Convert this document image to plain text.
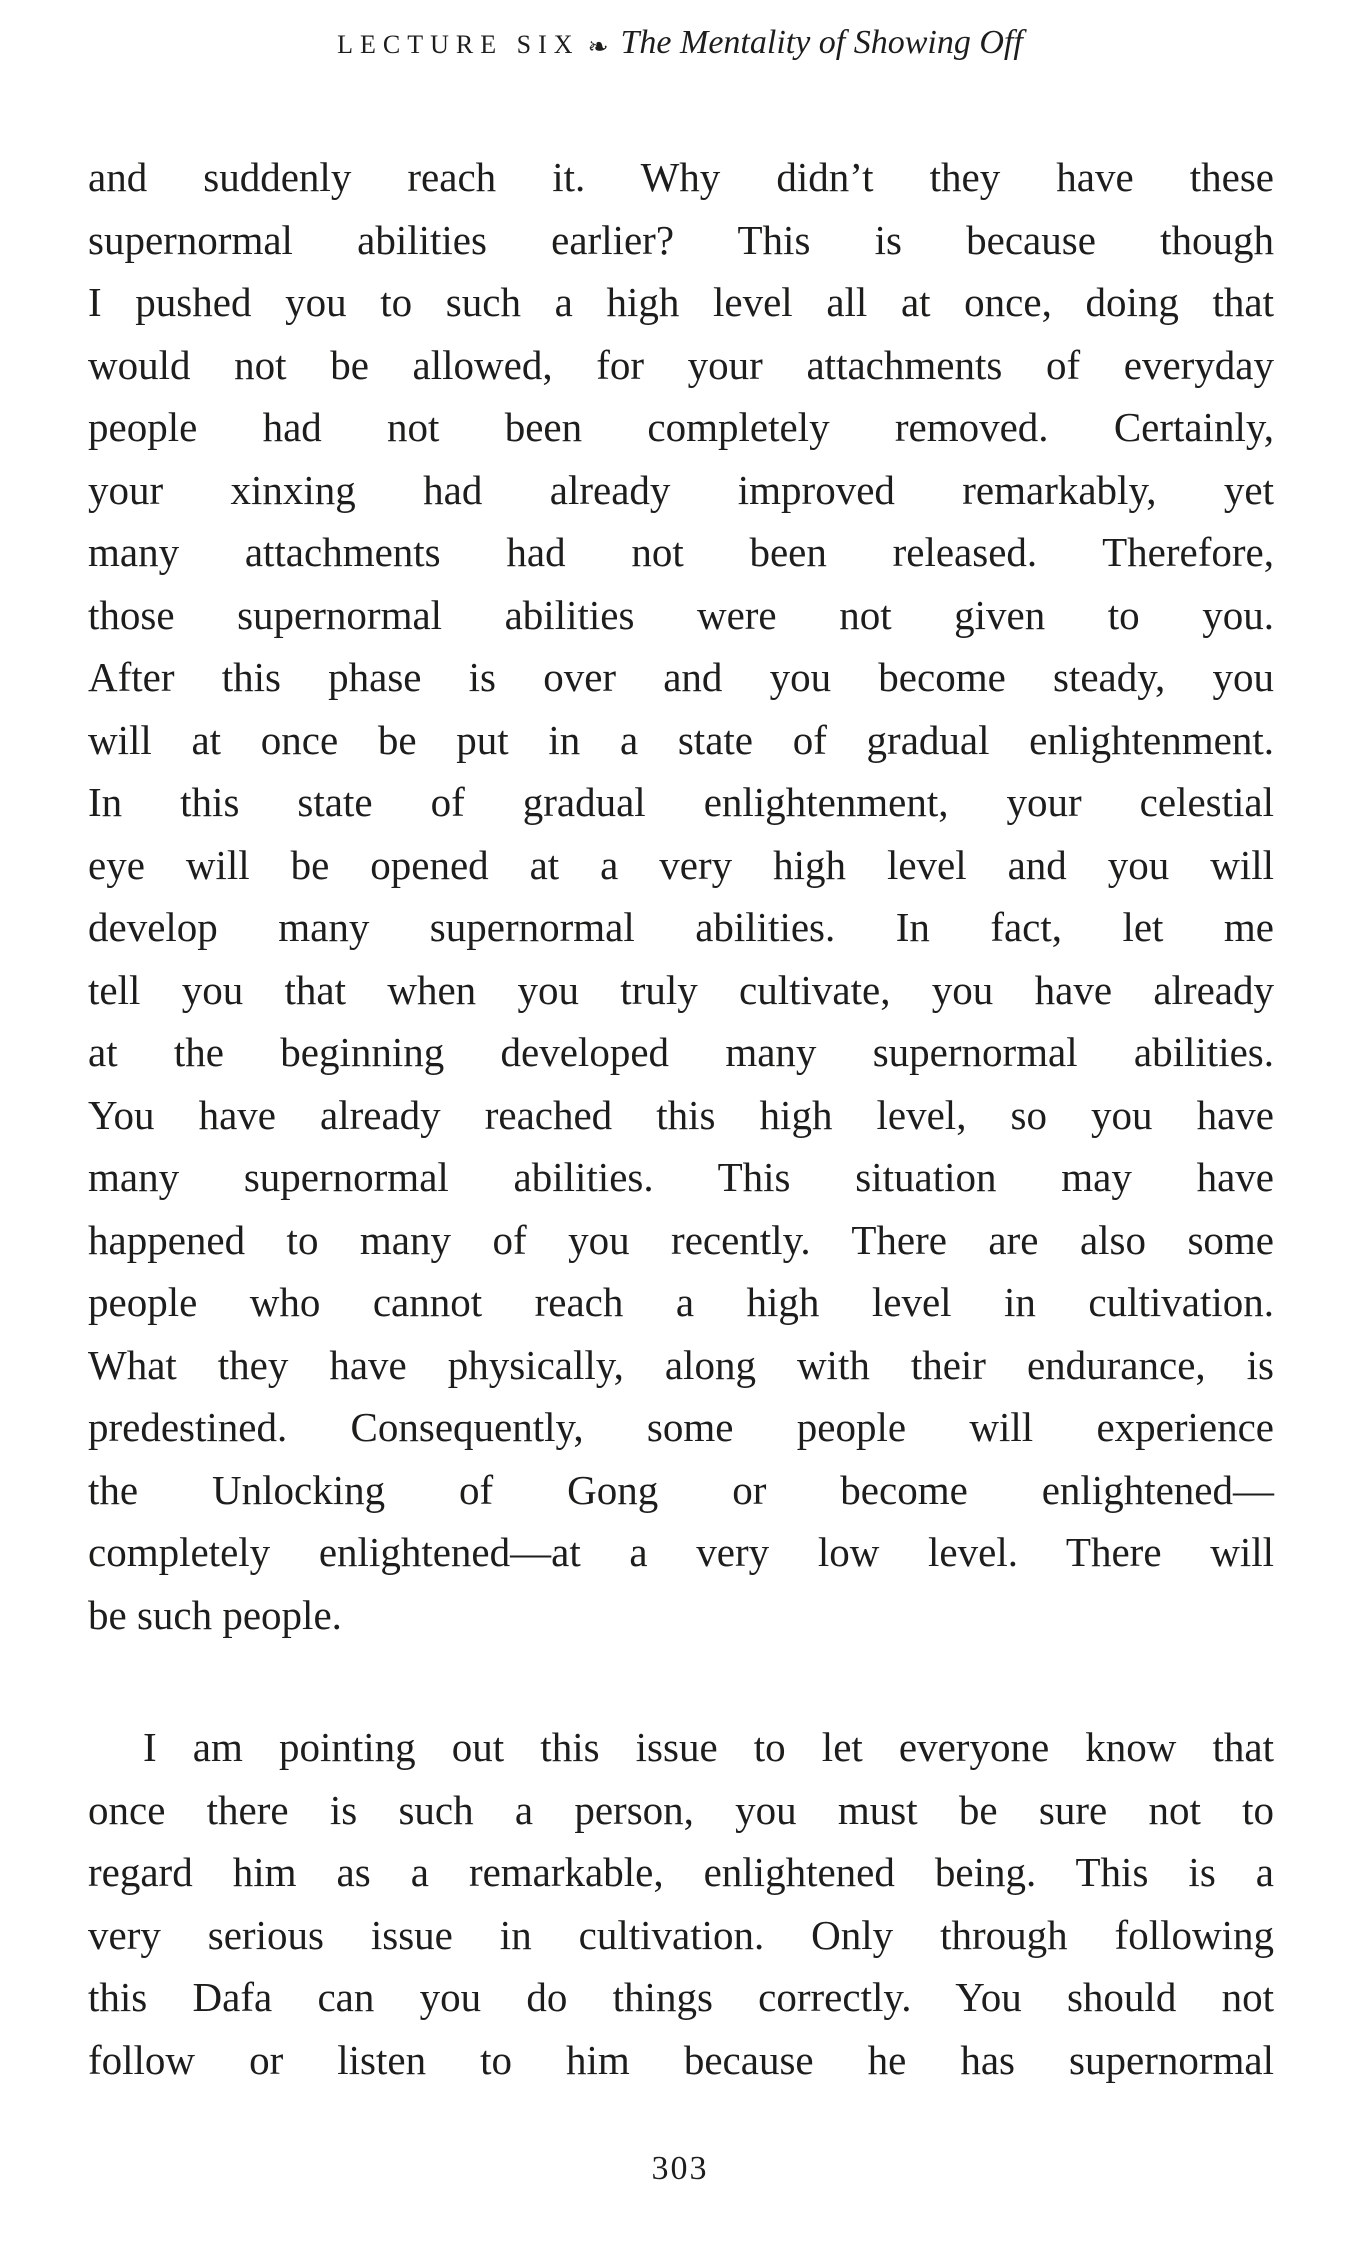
LECTURE SIX ❧ The Mentality of Showing Off
and suddenly reach it. Why didn’t they have these
supernormal abilities earlier? This is because though
I pushed you to such a high level all at once, doing that
would not be allowed, for your attachments of everyday
people had not been completely removed. Certainly,
your xinxing had already improved remarkably, yet
many attachments had not been released. Therefore,
those supernormal abilities were not given to you.
After this phase is over and you become steady, you
will at once be put in a state of gradual enlightenment.
In this state of gradual enlightenment, your celestial
eye will be opened at a very high level and you will
develop many supernormal abilities. In fact, let me
tell you that when you truly cultivate, you have already
at the beginning developed many supernormal abilities.
You have already reached this high level, so you have
many supernormal abilities. This situation may have
happened to many of you recently. There are also some
people who cannot reach a high level in cultivation.
What they have physically, along with their endurance, is
predestined. Consequently, some people will experience
the Unlocking of Gong or become enlightened—
completely enlightened—at a very low level. There will
be such people.
I am pointing out this issue to let everyone know that
once there is such a person, you must be sure not to
regard him as a remarkable, enlightened being. This is a
very serious issue in cultivation. Only through following
this Dafa can you do things correctly. You should not
follow or listen to him because he has supernormal
303
